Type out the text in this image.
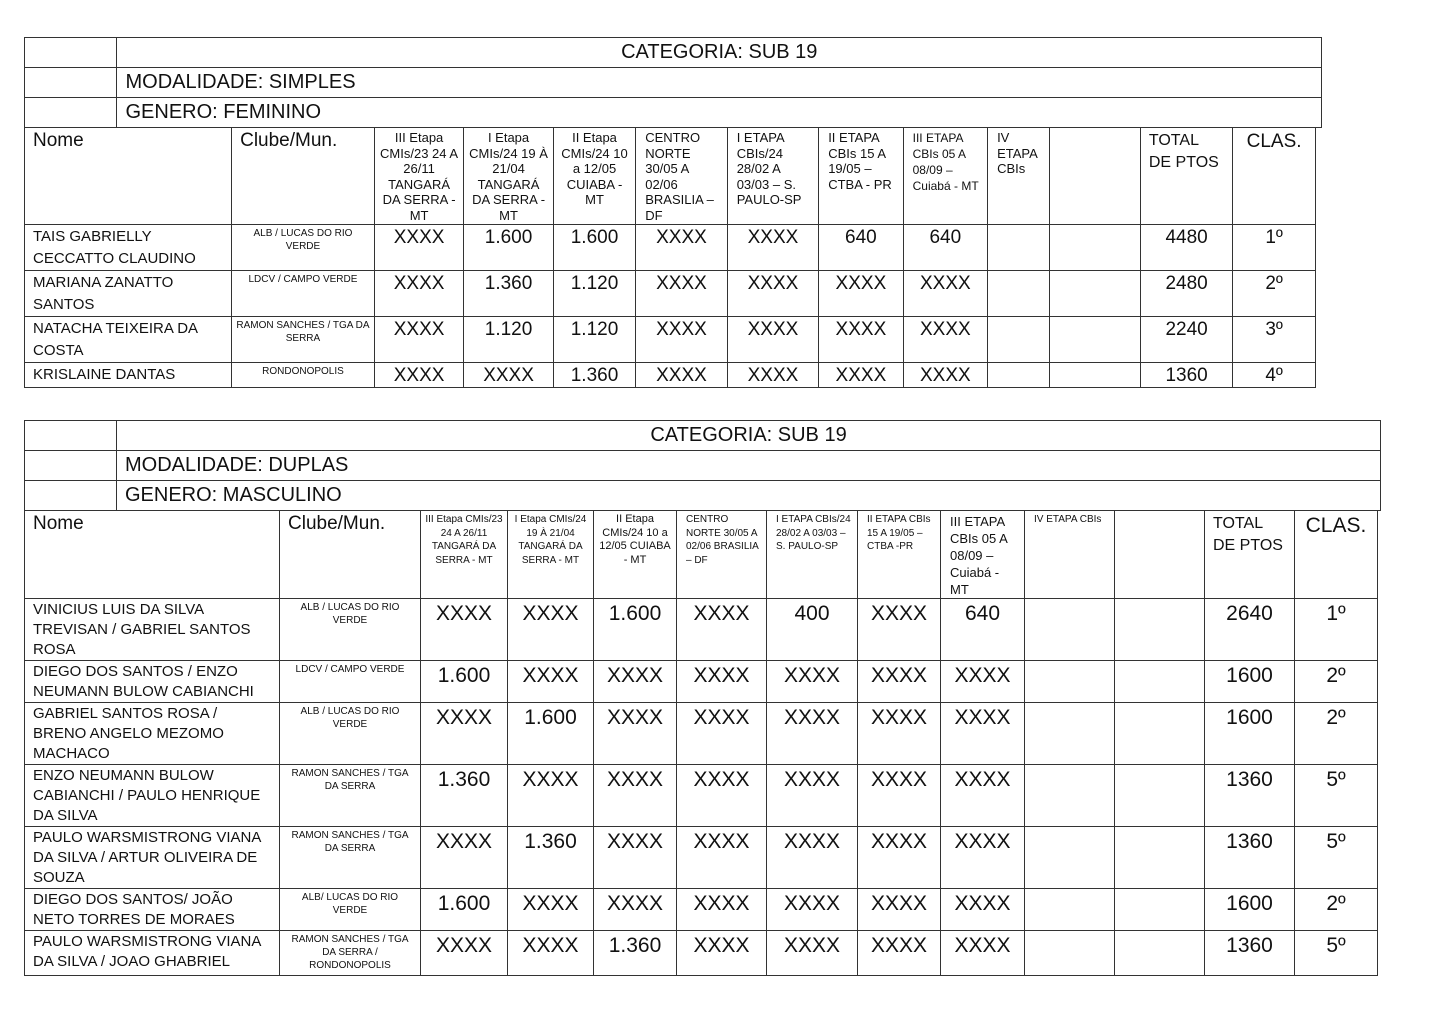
	CATEGORIA: SUB 19													
	MODALIDADE: SIMPLES													
	GENERO: FEMININO													
Nome		Clube/Mun.	III Etapa CMIs/23 24 A 26/11 TANGARÁ DA SERRA - MT	I Etapa CMIs/24 19 À 21/04 TANGARÁ DA SERRA - MT	II Etapa CMIs/24 10 a 12/05 CUIABA - MT	CENTRO NORTE 30/05 A 02/06 BRASILIA – DF	I ETAPA CBIs/24 28/02 A 03/03 – S. PAULO-SP	II ETAPA CBIs 15 A 19/05 – CTBA - PR	III ETAPA CBIs 05 A 08/09 – Cuiabá - MT	IV ETAPA CBIs		TOTAL DE PTOS	CLAS.	
TAIS GABRIELLY CECCATTO CLAUDINO		ALB / LUCAS DO RIO VERDE	XXXX	1.600	1.600	XXXX	XXXX	640	640			4480	1º	
MARIANA ZANATTO SANTOS		LDCV / CAMPO VERDE	XXXX	1.360	1.120	XXXX	XXXX	XXXX	XXXX			2480	2º	
NATACHA TEIXEIRA DA COSTA		RAMON SANCHES / TGA DA SERRA	XXXX	1.120	1.120	XXXX	XXXX	XXXX	XXXX			2240	3º	
KRISLAINE DANTAS		RONDONOPOLIS	XXXX	XXXX	1.360	XXXX	XXXX	XXXX	XXXX			1360	4º	
	CATEGORIA: SUB 19													
	MODALIDADE: DUPLAS													
	GENERO: MASCULINO													
Nome		Clube/Mun.	III Etapa CMIs/23 24 A 26/11 TANGARÁ DA SERRA - MT	I Etapa CMIs/24 19 À 21/04 TANGARÁ DA SERRA - MT	II Etapa CMIs/24 10 a 12/05 CUIABA - MT	CENTRO NORTE 30/05 A 02/06 BRASILIA – DF	I ETAPA CBIs/24 28/02 A 03/03 – S. PAULO-SP	II ETAPA CBIs 15 A 19/05 – CTBA -PR	III ETAPA CBIs 05 A 08/09 – Cuiabá - MT	IV ETAPA CBIs		TOTAL DE PTOS	CLAS.	
VINICIUS LUIS DA SILVA TREVISAN / GABRIEL SANTOS ROSA		ALB / LUCAS DO RIO VERDE	XXXX	XXXX	1.600	XXXX	400	XXXX	640			2640	1º	
DIEGO DOS SANTOS / ENZO NEUMANN BULOW CABIANCHI		LDCV / CAMPO VERDE	1.600	XXXX	XXXX	XXXX	XXXX	XXXX	XXXX			1600	2º	
GABRIEL SANTOS ROSA / BRENO ANGELO MEZOMO MACHACO		ALB / LUCAS DO RIO VERDE	XXXX	1.600	XXXX	XXXX	XXXX	XXXX	XXXX			1600	2º	
ENZO NEUMANN BULOW CABIANCHI / PAULO HENRIQUE DA SILVA		RAMON SANCHES / TGA DA SERRA	1.360	XXXX	XXXX	XXXX	XXXX	XXXX	XXXX			1360	5º	
PAULO WARSMISTRONG VIANA DA SILVA / ARTUR OLIVEIRA DE SOUZA		RAMON SANCHES / TGA DA SERRA	XXXX	1.360	XXXX	XXXX	XXXX	XXXX	XXXX			1360	5º	
DIEGO DOS SANTOS/ JOÃO NETO TORRES DE MORAES		ALB/ LUCAS DO RIO VERDE	1.600	XXXX	XXXX	XXXX	XXXX	XXXX	XXXX			1600	2º	
PAULO WARSMISTRONG VIANA DA SILVA / JOAO GHABRIEL		RAMON SANCHES / TGA DA SERRA / RONDONOPOLIS	XXXX	XXXX	1.360	XXXX	XXXX	XXXX	XXXX			1360	5º	
